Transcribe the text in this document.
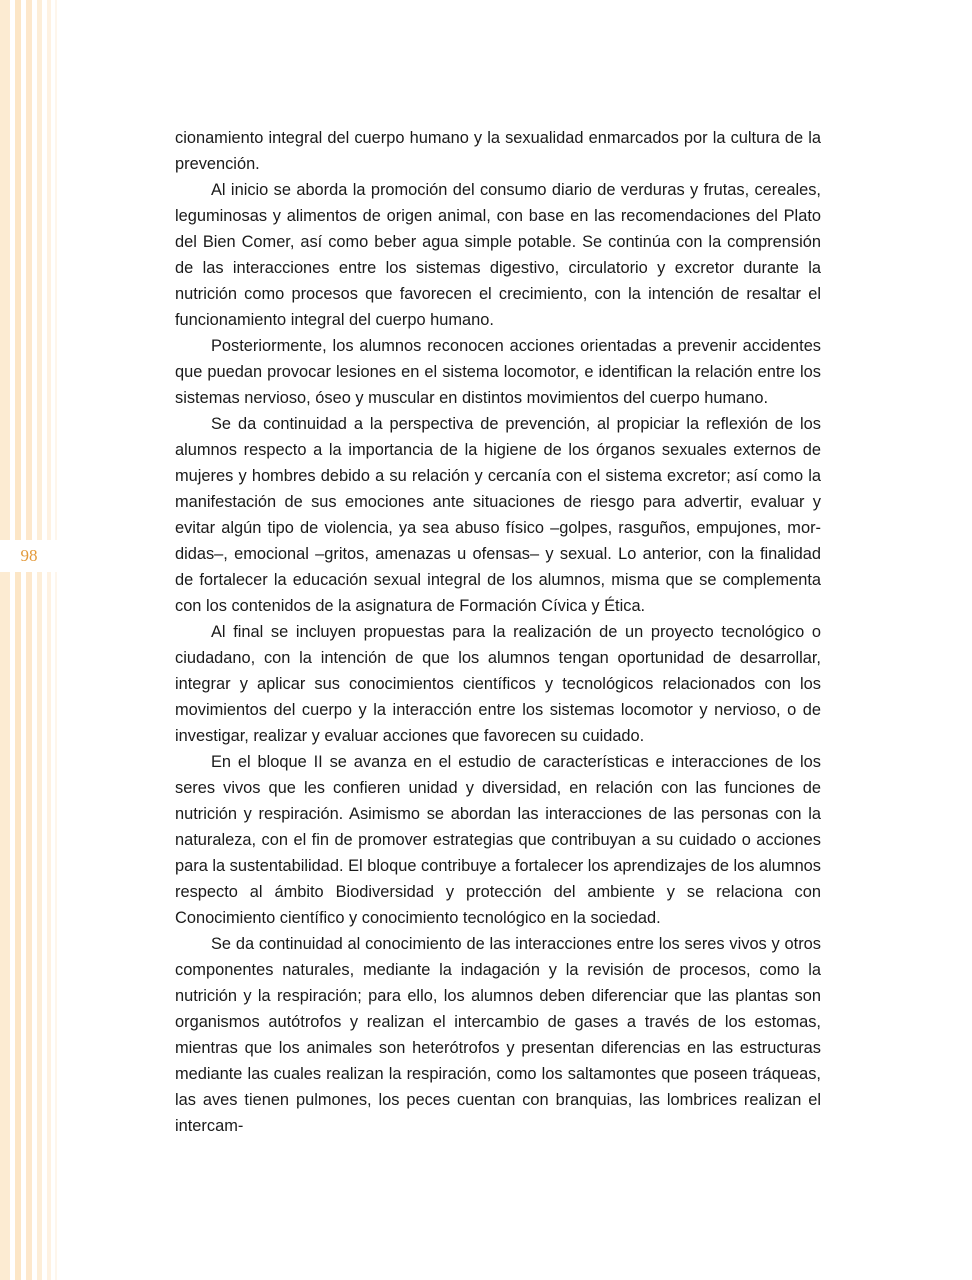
98

cionamiento integral del cuerpo humano y la sexualidad enmarcados por la cultura de la prevención.

Al inicio se aborda la promoción del consumo diario de verduras y frutas, cereales, leguminosas y alimentos de origen animal, con base en las recomendaciones del Plato del Bien Comer, así como beber agua simple potable. Se continúa con la comprensión de las interacciones entre los sistemas digestivo, circulatorio y excretor durante la nutrición como procesos que favorecen el crecimiento, con la intención de resaltar el funcionamiento integral del cuerpo humano.

Posteriormente, los alumnos reconocen acciones orientadas a prevenir accidentes que puedan provocar lesiones en el sistema locomotor, e identifican la relación entre los sistemas nervioso, óseo y muscular en distintos movimientos del cuerpo humano.

Se da continuidad a la perspectiva de prevención, al propiciar la reflexión de los alumnos respecto a la importancia de la higiene de los órganos sexuales externos de mujeres y hombres debido a su relación y cercanía con el sistema excretor; así como la manifestación de sus emociones ante situaciones de riesgo para advertir, evaluar y evitar algún tipo de violencia, ya sea abuso físico –golpes, rasguños, empujones, mordidas–, emocional –gritos, amenazas u ofensas– y sexual. Lo anterior, con la finalidad de fortalecer la educación sexual integral de los alumnos, misma que se complementa con los contenidos de la asignatura de Formación Cívica y Ética.

Al final se incluyen propuestas para la realización de un proyecto tecnológico o ciudadano, con la intención de que los alumnos tengan oportunidad de desarrollar, integrar y aplicar sus conocimientos científicos y tecnológicos relacionados con los movimientos del cuerpo y la interacción entre los sistemas locomotor y nervioso, o de investigar, realizar y evaluar acciones que favorecen su cuidado.

En el bloque II se avanza en el estudio de características e interacciones de los seres vivos que les confieren unidad y diversidad, en relación con las funciones de nutrición y respiración. Asimismo se abordan las interacciones de las personas con la naturaleza, con el fin de promover estrategias que contribuyan a su cuidado o acciones para la sustentabilidad. El bloque contribuye a fortalecer los aprendizajes de los alumnos respecto al ámbito Biodiversidad y protección del ambiente y se relaciona con Conocimiento científico y conocimiento tecnológico en la sociedad.

Se da continuidad al conocimiento de las interacciones entre los seres vivos y otros componentes naturales, mediante la indagación y la revisión de procesos, como la nutrición y la respiración; para ello, los alumnos deben diferenciar que las plantas son organismos autótrofos y realizan el intercambio de gases a través de los estomas, mientras que los animales son heterótrofos y presentan diferencias en las estructuras mediante las cuales realizan la respiración, como los saltamontes que poseen tráqueas, las aves tienen pulmones, los peces cuentan con branquias, las lombrices realizan el intercam-
